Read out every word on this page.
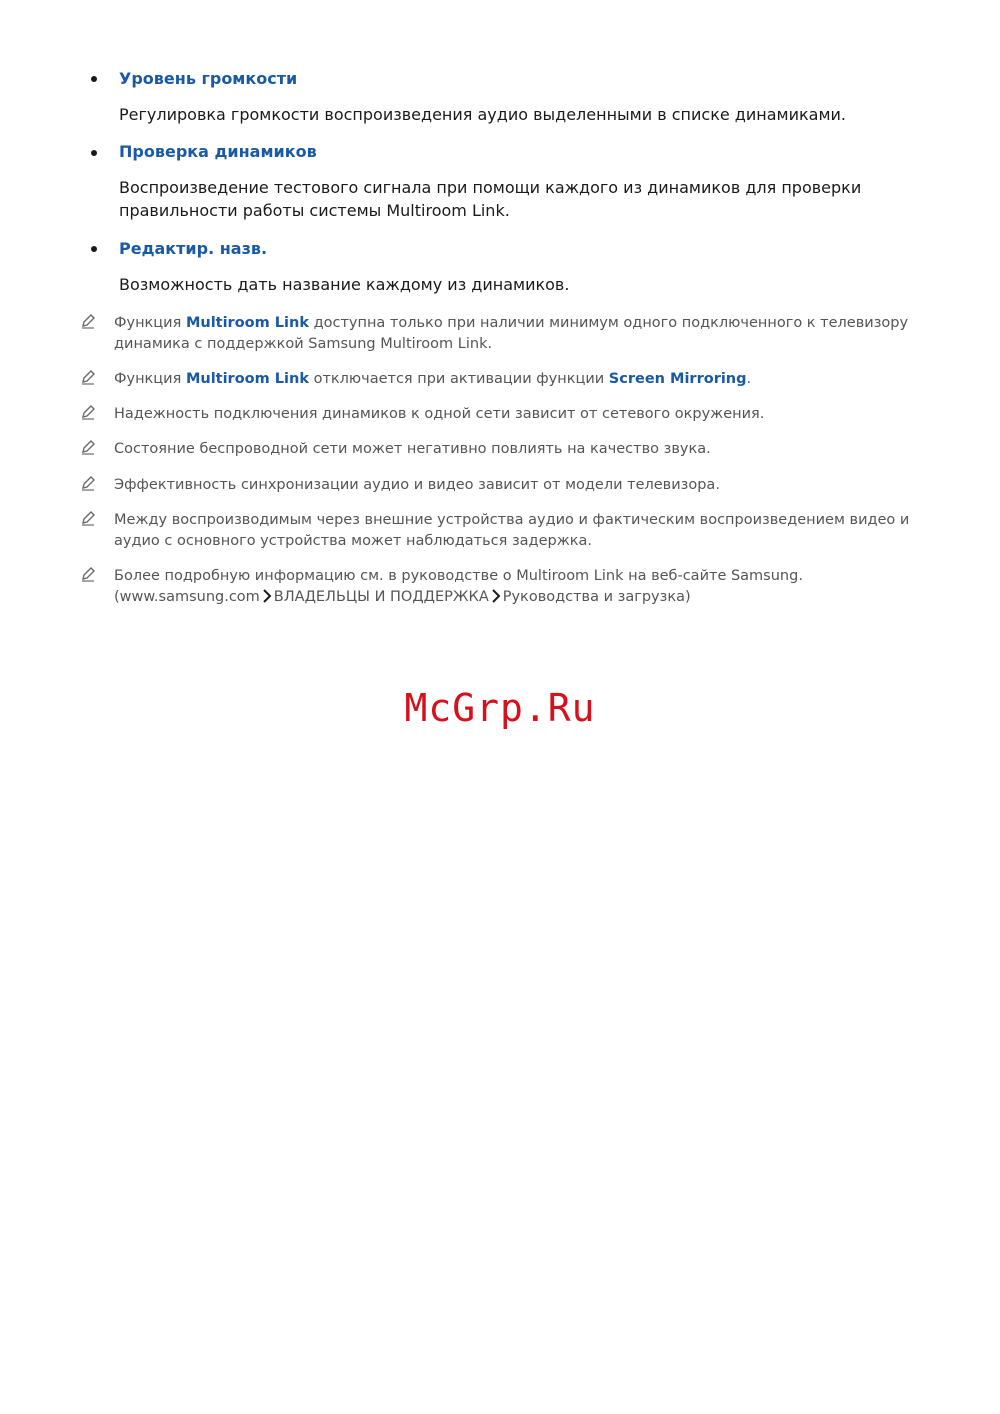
Уровень громкости
Регулировка громкости воспроизведения аудио выделенными в списке динамиками.
Проверка динамиков
Воспроизведение тестового сигнала при помощи каждого из динамиков для проверки правильности работы системы Multiroom Link.
Редактир. назв.
Возможность дать название каждому из динамиков.
Функция Multiroom Link доступна только при наличии минимум одного подключенного к телевизору динамика с поддержкой Samsung Multiroom Link.
Функция Multiroom Link отключается при активации функции Screen Mirroring.
Надежность подключения динамиков к одной сети зависит от сетевого окружения.
Состояние беспроводной сети может негативно повлиять на качество звука.
Эффективность синхронизации аудио и видео зависит от модели телевизора.
Между воспроизводимым через внешние устройства аудио и фактическим воспроизведением видео и аудио с основного устройства может наблюдаться задержка.
Более подробную информацию см. в руководстве о Multiroom Link на веб-сайте Samsung. (www.samsung.com ВЛАДЕЛЬЦЫ И ПОДДЕРЖКА Руководства и загрузка)
McGrp.Ru
